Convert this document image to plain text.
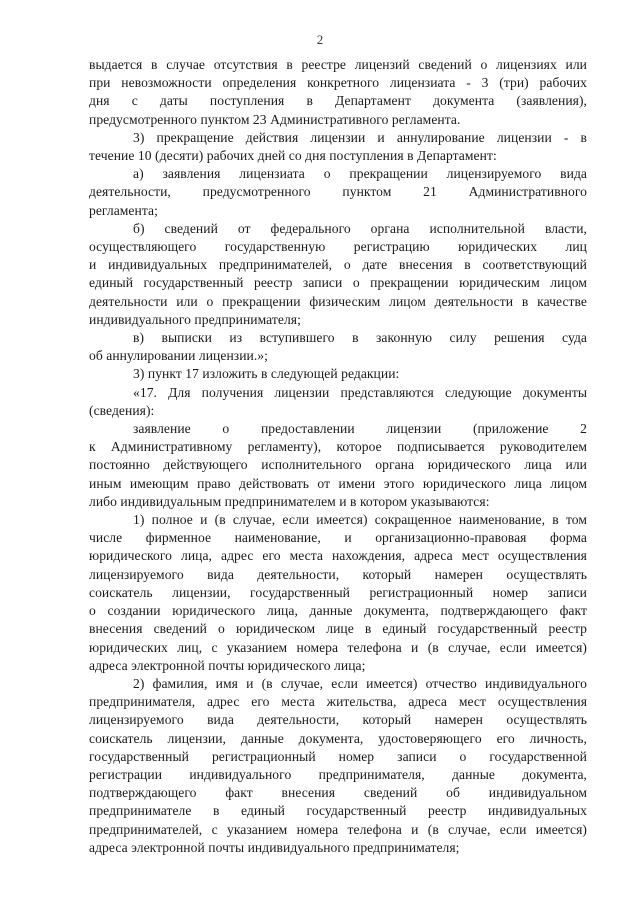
2
выдается в случае отсутствия в реестре лицензий сведений о лицензиях или
при невозможности определения конкретного лицензиата - 3 (три) рабочих
дня с даты поступления в Департамент документа (заявления),
предусмотренного пунктом 23 Административного регламента.
3) прекращение действия лицензии и аннулирование лицензии - в
течение 10 (десяти) рабочих дней со дня поступления в Департамент:
а) заявления лицензиата о прекращении лицензируемого вида
деятельности, предусмотренного пунктом 21 Административного
регламента;
б) сведений от федерального органа исполнительной власти,
осуществляющего государственную регистрацию юридических лиц
и индивидуальных предпринимателей, о дате внесения в соответствующий
единый государственный реестр записи о прекращении юридическим лицом
деятельности или о прекращении физическим лицом деятельности в качестве
индивидуального предпринимателя;
в) выписки из вступившего в законную силу решения суда
об аннулировании лицензии.»;
3) пункт 17 изложить в следующей редакции:
«17. Для получения лицензии представляются следующие документы
(сведения):
заявление о предоставлении лицензии (приложение 2
к Административному регламенту), которое подписывается руководителем
постоянно действующего исполнительного органа юридического лица или
иным имеющим право действовать от имени этого юридического лица лицом
либо индивидуальным предпринимателем и в котором указываются:
1) полное и (в случае, если имеется) сокращенное наименование, в том
числе фирменное наименование, и организационно-правовая форма
юридического лица, адрес его места нахождения, адреса мест осуществления
лицензируемого вида деятельности, который намерен осуществлять
соискатель лицензии, государственный регистрационный номер записи
о создании юридического лица, данные документа, подтверждающего факт
внесения сведений о юридическом лице в единый государственный реестр
юридических лиц, с указанием номера телефона и (в случае, если имеется)
адреса электронной почты юридического лица;
2) фамилия, имя и (в случае, если имеется) отчество индивидуального
предпринимателя, адрес его места жительства, адреса мест осуществления
лицензируемого вида деятельности, который намерен осуществлять
соискатель лицензии, данные документа, удостоверяющего его личность,
государственный регистрационный номер записи о государственной
регистрации индивидуального предпринимателя, данные документа,
подтверждающего факт внесения сведений об индивидуальном
предпринимателе в единый государственный реестр индивидуальных
предпринимателей, с указанием номера телефона и (в случае, если имеется)
адреса электронной почты индивидуального предпринимателя;
